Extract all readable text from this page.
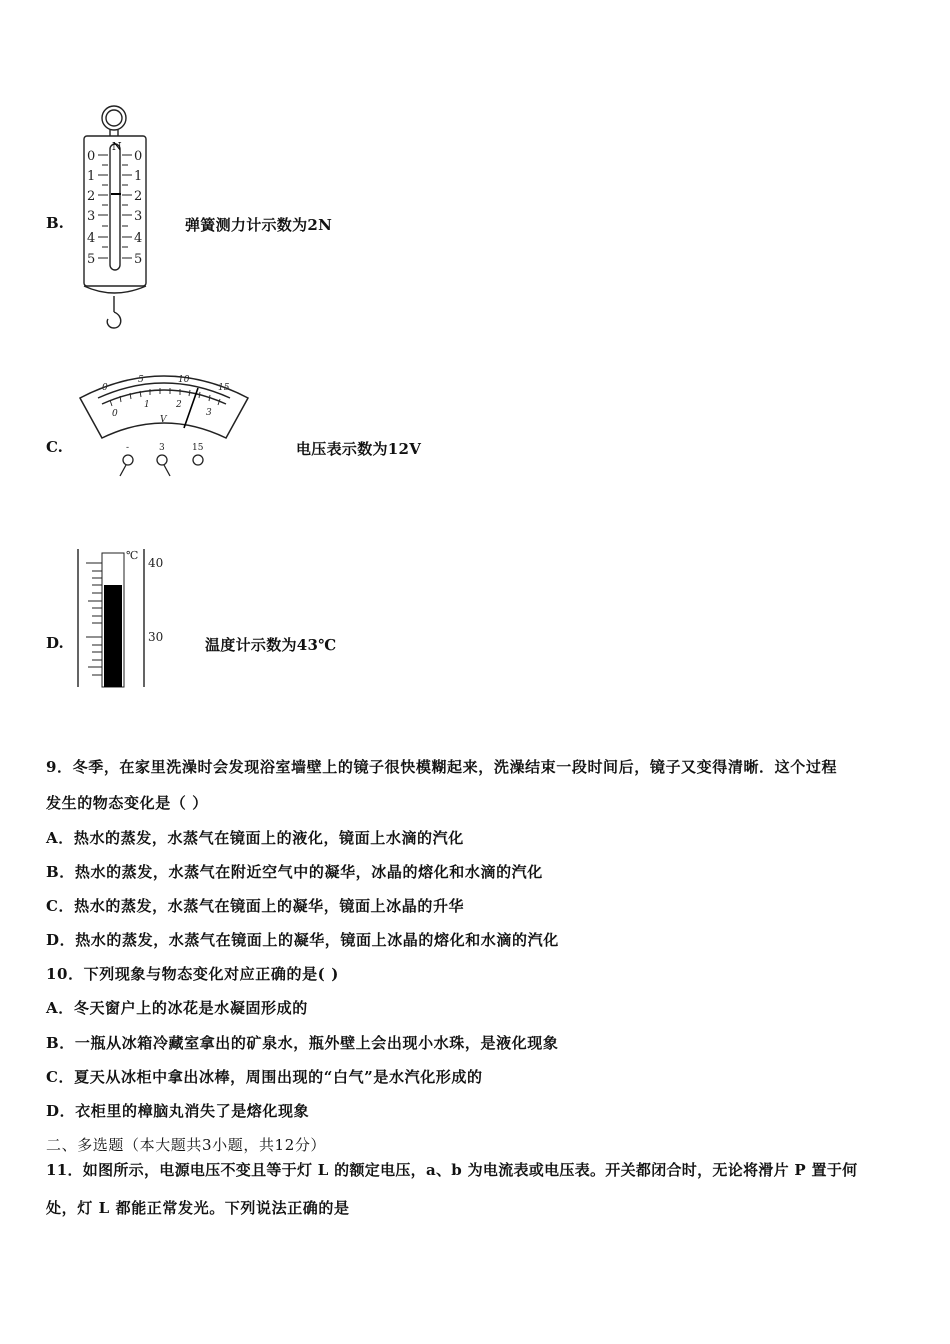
B.
N
0
1
2
3
4
5
0
1
2
3
4
5
弹簧测力计示数为2N
C.
0
5	10
15
0
1	2
3
V
-	3	15	电压表示数为12V
D.
℃
40
30	温度计示数为43℃
9．冬季，在家里洗澡时会发现浴室墙壁上的镜子很快模糊起来，洗澡结束一段时间后，镜子又变得清晰．这个过程
发生的物态变化是（ ）
A．热水的蒸发，水蒸气在镜面上的液化，镜面上水滴的汽化
B．热水的蒸发，水蒸气在附近空气中的凝华，冰晶的熔化和水滴的汽化
C．热水的蒸发，水蒸气在镜面上的凝华，镜面上冰晶的升华
D．热水的蒸发，水蒸气在镜面上的凝华，镜面上冰晶的熔化和水滴的汽化
10．下列现象与物态变化对应正确的是( )
A．冬天窗户上的冰花是水凝固形成的
B．一瓶从冰箱冷藏室拿出的矿泉水，瓶外壁上会出现小水珠，是液化现象
C．夏天从冰柜中拿出冰棒，周围出现的“白气”是水汽化形成的
D．衣柜里的樟脑丸消失了是熔化现象
二、多选题（本大题共3小题，共12分）
11．如图所示，电源电压不变且等于灯 L 的额定电压，a、b 为电流表或电压表。开关都闭合时，无论将滑片 P 置于何
处，灯 L 都能正常发光。下列说法正确的是
